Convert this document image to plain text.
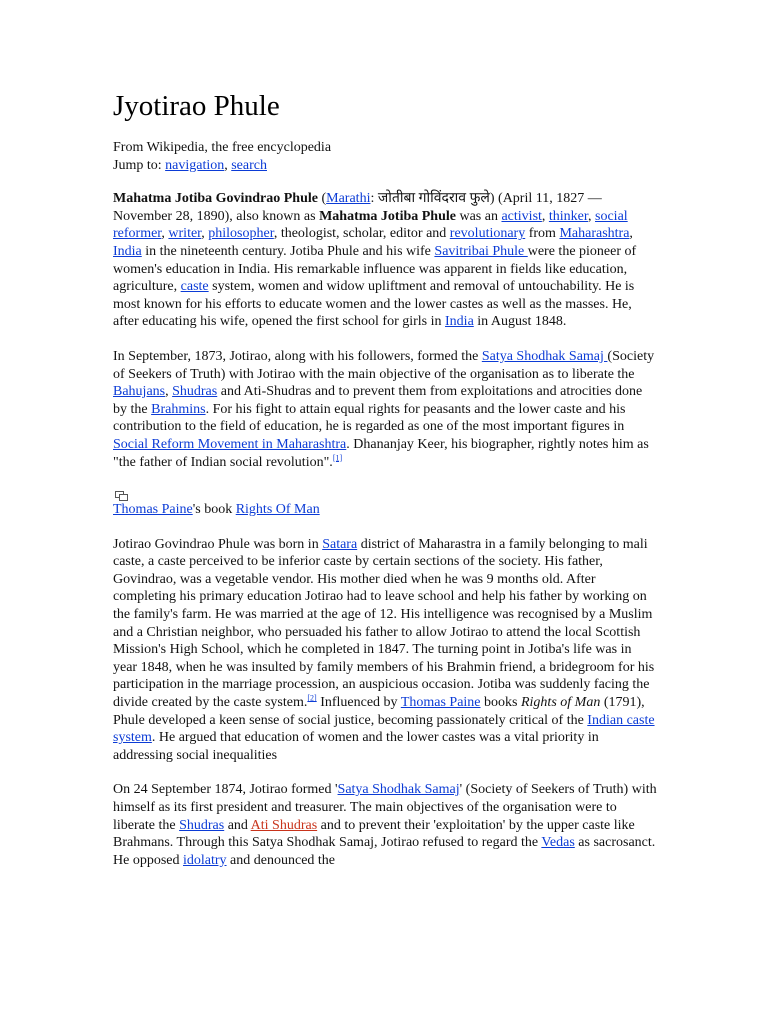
Jyotirao Phule
From Wikipedia, the free encyclopedia
Jump to: navigation, search

Mahatma Jotiba Govindrao Phule (Marathi: जोतीबा गोविंदराव फुले) (April 11, 1827 — November 28, 1890), also known as Mahatma Jotiba Phule was an activist, thinker, social reformer, writer, philosopher, theologist, scholar, editor and revolutionary from Maharashtra, India in the nineteenth century. Jotiba Phule and his wife Savitribai Phule were the pioneer of women's education in India. His remarkable influence was apparent in fields like education, agriculture, caste system, women and widow upliftment and removal of untouchability. He is most known for his efforts to educate women and the lower castes as well as the masses. He, after educating his wife, opened the first school for girls in India in August 1848.

In September, 1873, Jotirao, along with his followers, formed the Satya Shodhak Samaj (Society of Seekers of Truth) with Jotirao with the main objective of the organisation as to liberate the Bahujans, Shudras and Ati-Shudras and to prevent them from exploitations and atrocities done by the Brahmins. For his fight to attain equal rights for peasants and the lower caste and his contribution to the field of education, he is regarded as one of the most important figures in Social Reform Movement in Maharashtra. Dhananjay Keer, his biographer, rightly notes him as "the father of Indian social revolution".[1]

Thomas Paine's book Rights Of Man

Jotirao Govindrao Phule was born in Satara district of Maharastra in a family belonging to mali caste, a caste perceived to be inferior caste by certain sections of the society. His father, Govindrao, was a vegetable vendor. His mother died when he was 9 months old. After completing his primary education Jotirao had to leave school and help his father by working on the family's farm. He was married at the age of 12. His intelligence was recognised by a Muslim and a Christian neighbor, who persuaded his father to allow Jotirao to attend the local Scottish Mission's High School, which he completed in 1847. The turning point in Jotiba's life was in year 1848, when he was insulted by family members of his Brahmin friend, a bridegroom for his participation in the marriage procession, an auspicious occasion. Jotiba was suddenly facing the divide created by the caste system.[2] Influenced by Thomas Paine books Rights of Man (1791), Phule developed a keen sense of social justice, becoming passionately critical of the Indian caste system. He argued that education of women and the lower castes was a vital priority in addressing social inequalities

On 24 September 1874, Jotirao formed 'Satya Shodhak Samaj' (Society of Seekers of Truth) with himself as its first president and treasurer. The main objectives of the organisation were to liberate the Shudras and Ati Shudras and to prevent their 'exploitation' by the upper caste like Brahmans. Through this Satya Shodhak Samaj, Jotirao refused to regard the Vedas as sacrosanct. He opposed idolatry and denounced the
